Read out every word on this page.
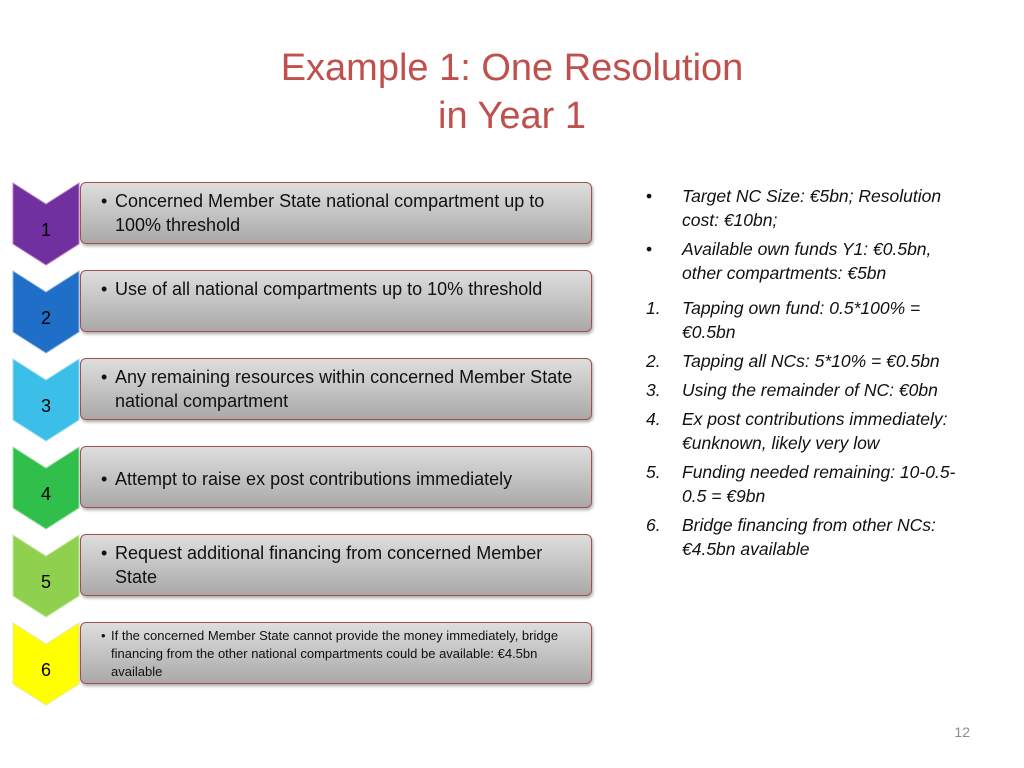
Example 1: One Resolution
in Year 1
1
• Concerned Member State national compartment up to 100% threshold
2
• Use of all national compartments up to 10% threshold
3
• Any remaining resources within concerned Member State national compartment
4
• Attempt to raise ex post contributions immediately
5
• Request additional financing from concerned Member State
6
• If the concerned Member State cannot provide the money immediately, bridge financing from the other national compartments could be available: €4.5bn available
•	Target NC Size: €5bn; Resolution cost: €10bn;
•	Available own funds Y1: €0.5bn, other compartments: €5bn
1.	Tapping own fund: 0.5*100% = €0.5bn
2.	Tapping all NCs: 5*10% = €0.5bn
3.	Using the remainder of NC: €0bn
4.	Ex post contributions immediately: €unknown, likely very low
5.	Funding needed remaining: 10-0.5-0.5 = €9bn
6.	Bridge financing from other NCs: €4.5bn available
12
